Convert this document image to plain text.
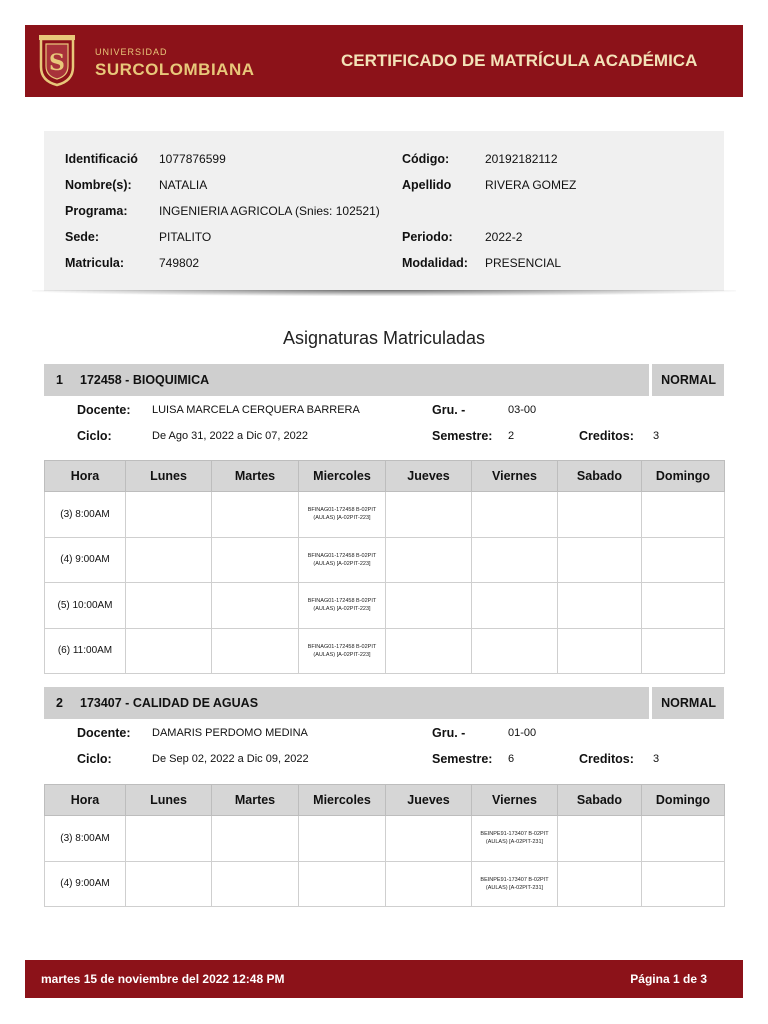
S	UNIVERSIDAD
SURCOLOMBIANA	CERTIFICADO DE MATRÍCULA ACADÉMICA
Identificació 1077876599	Código:	20192182112
Nombre(s): NATALIA	Apellido	RIVERA GOMEZ
Programa:	INGENIERIA AGRICOLA (Snies: 102521)
Sede:	PITALITO	Periodo:	2022-2
Matricula:	749802	Modalidad: PRESENCIAL
Asignaturas Matriculadas
1 172458 - BIOQUIMICA	NORMAL
Docente: LUISA MARCELA CERQUERA BARRERA	Gru. -	03-00
Ciclo:	De Ago 31, 2022 a Dic 07, 2022	Semestre: 2	Creditos: 3
Hora	Lunes	Martes	Miercoles	Jueves	Viernes	Sabado	Domingo
(3) 8:00AM			BFINAG01-172458 B-02PIT (AULAS) [A-02PIT-223]				

(4) 9:00AM			BFINAG01-172458 B-02PIT (AULAS) [A-02PIT-223]				

(5) 10:00AM			BFINAG01-172458 B-02PIT (AULAS) [A-02PIT-223]				

(6) 11:00AM			BFINAG01-172458 B-02PIT (AULAS) [A-02PIT-223]				

2 173407 - CALIDAD DE AGUAS	NORMAL
Docente: DAMARIS PERDOMO MEDINA	Gru. -	01-00
Ciclo:	De Sep 02, 2022 a Dic 09, 2022	Semestre: 6	Creditos: 3
Hora	Lunes	Martes	Miercoles	Jueves	Viernes	Sabado	Domingo
(3) 8:00AM					BEINPE91-173407 B-02PIT (AULAS) [A-02PIT-231]		

(4) 9:00AM					BEINPE91-173407 B-02PIT (AULAS) [A-02PIT-231]		

martes 15 de noviembre del 2022 12:48 PM	Página 1 de 3
